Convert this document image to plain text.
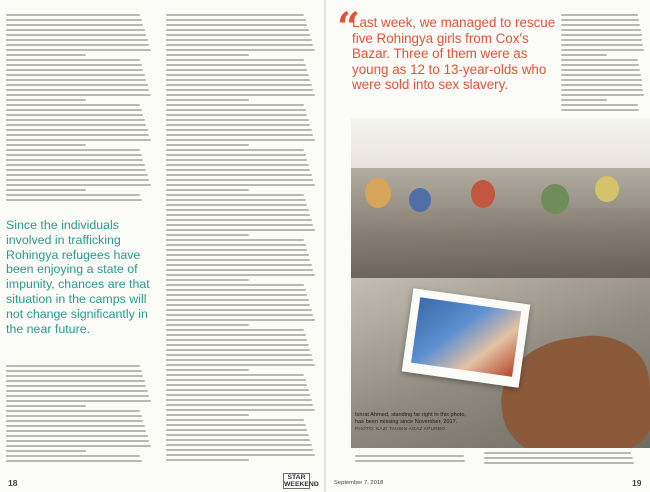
Since the individuals involved in trafficking Rohingya refugees have been enjoying a state of impunity, chances are that situation in the camps will not change significantly in the near future.

“

Last week, we managed to rescue five Rohingya girls from Cox's Bazar. Three of them were as young as 12 to 13-year-olds who were sold into sex slavery.

Ishrat Ahmed, standing far right in this photo, has been missing since November, 2017.
PHOTO: KAZI TAHSIN AGAZ APURBO
18
STAR WEEKEND	September 7, 2018	19
